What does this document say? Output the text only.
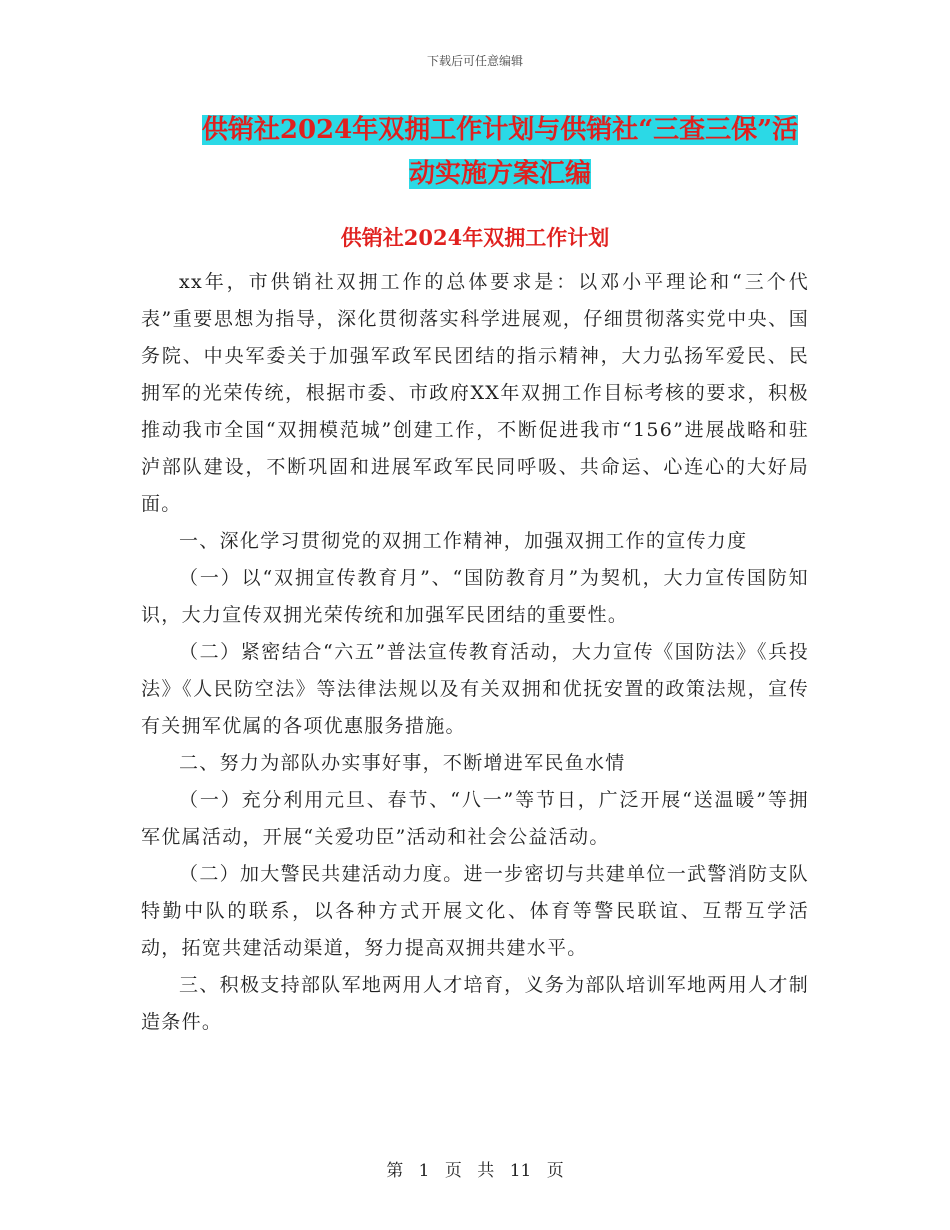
下载后可任意编辑
供销社2024年双拥工作计划与供销社“三查三保”活
动实施方案汇编
供销社2024年双拥工作计划

xx年，市供销社双拥工作的总体要求是：以邓小平理论和“三个代表”重要思想为指导，深化贯彻落实科学进展观，仔细贯彻落实党中央、国务院、中央军委关于加强军政军民团结的指示精神，大力弘扬军爱民、民拥军的光荣传统，根据市委、市政府XX年双拥工作目标考核的要求，积极推动我市全国“双拥模范城”创建工作，不断促进我市“156”进展战略和驻泸部队建设，不断巩固和进展军政军民同呼吸、共命运、心连心的大好局面。

一、深化学习贯彻党的双拥工作精神，加强双拥工作的宣传力度

（一）以“双拥宣传教育月”、“国防教育月”为契机，大力宣传国防知识，大力宣传双拥光荣传统和加强军民团结的重要性。

（二）紧密结合“六五”普法宣传教育活动，大力宣传《国防法》《兵投法》《人民防空法》等法律法规以及有关双拥和优抚安置的政策法规，宣传有关拥军优属的各项优惠服务措施。

二、努力为部队办实事好事，不断增进军民鱼水情

（一）充分利用元旦、春节、“八一”等节日，广泛开展“送温暖”等拥军优属活动，开展“关爱功臣”活动和社会公益活动。

（二）加大警民共建活动力度。进一步密切与共建单位一武警消防支队特勤中队的联系，以各种方式开展文化、体育等警民联谊、互帮互学活动，拓宽共建活动渠道，努力提高双拥共建水平。

三、积极支持部队军地两用人才培育，义务为部队培训军地两用人才制造条件。

第 1 页 共 11 页
